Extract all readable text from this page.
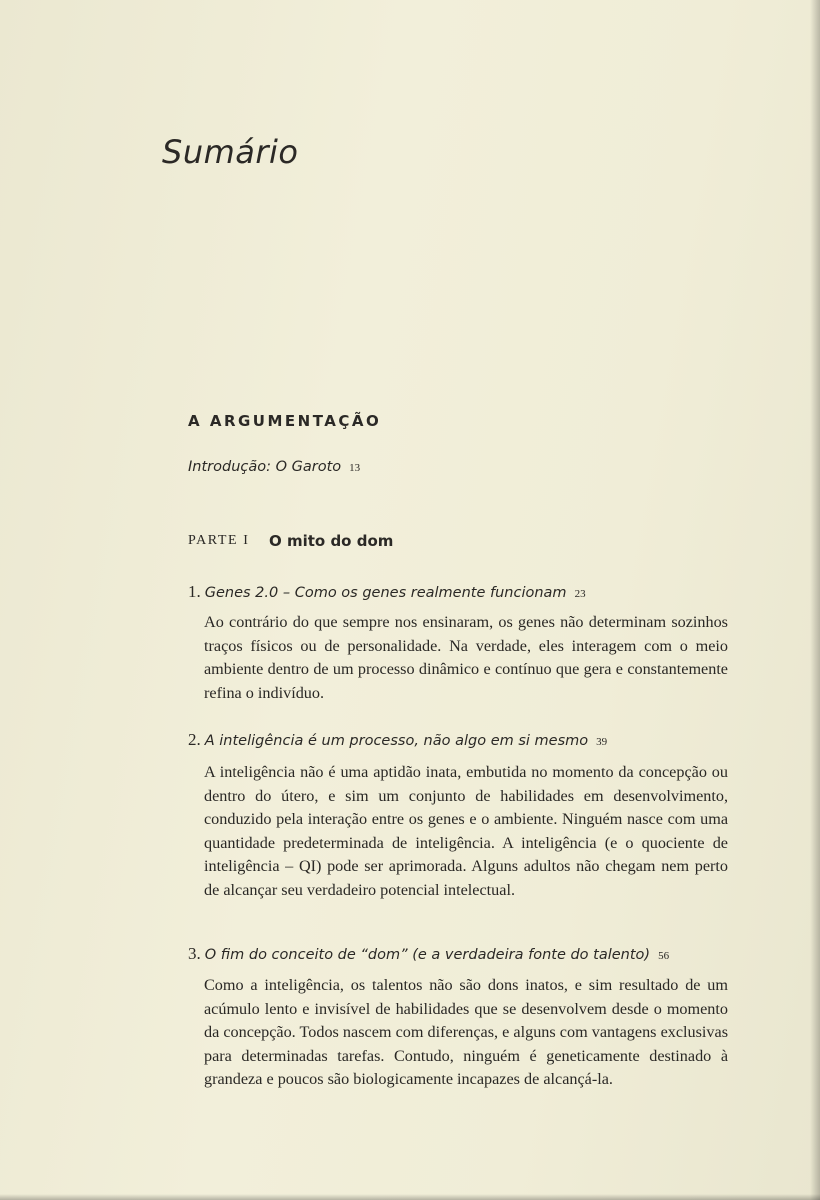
Sumário
A ARGUMENTAÇÃO
Introdução: O Garoto 13
PARTE I O mito do dom
1. Genes 2.0 – Como os genes realmente funcionam 23
Ao contrário do que sempre nos ensinaram, os genes não determinam sozinhos traços físicos ou de personalidade. Na verdade, eles interagem com o meio ambiente dentro de um processo dinâmico e contínuo que gera e constantemente refina o indivíduo.
2. A inteligência é um processo, não algo em si mesmo 39
A inteligência não é uma aptidão inata, embutida no momento da concepção ou dentro do útero, e sim um conjunto de habilidades em desenvolvimento, conduzido pela interação entre os genes e o ambiente. Ninguém nasce com uma quantidade predeterminada de inteligência. A inteligência (e o quociente de inteligência – QI) pode ser aprimorada. Alguns adultos não chegam nem perto de alcançar seu verdadeiro potencial intelectual.
3. O fim do conceito de “dom” (e a verdadeira fonte do talento) 56
Como a inteligência, os talentos não são dons inatos, e sim resultado de um acúmulo lento e invisível de habilidades que se desenvolvem desde o momento da concepção. Todos nascem com diferenças, e alguns com vantagens exclusivas para determinadas tarefas. Contudo, ninguém é geneticamente destinado à grandeza e poucos são biologicamente incapazes de alcançá-la.
